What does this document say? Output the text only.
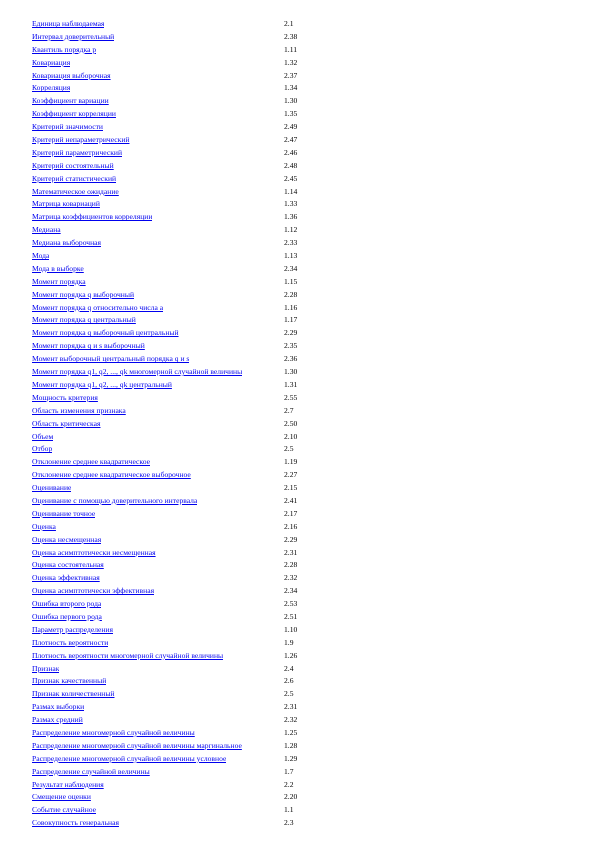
Единица наблюдаемая	2.1
Интервал доверительный	2.38
Квантиль порядка p	1.11
Ковариация	1.32
Ковариация выборочная	2.37
Корреляция	1.34
Коэффициент вариации	1.30
Коэффициент корреляции	1.35
Критерий значимости	2.49
Критерий непараметрический	2.47
Критерий параметрический	2.46
Критерий состоятельный	2.48
Критерий статистический	2.45
Математическое ожидание	1.14
Матрица ковариаций	1.33
Матрица коэффициентов корреляции	1.36
Медиана	1.12
Медиана выборочная	2.33
Мода	1.13
Мода в выборке	2.34
Момент порядка	1.15
Момент порядка q выборочный	2.28
Момент порядка q относительно числа a	1.16
Момент порядка q центральный	1.17
Момент порядка q выборочный центральный	2.29
Момент порядка q и s выборочный	2.35
Момент выборочный центральный порядка q и s	2.36
Момент порядка q1, q2, ..., qk многомерной случайной величины	1.30
Момент порядка q1, q2, ..., qk центральный	1.31
Мощность критерия	2.55
Область изменения признака	2.7
Область критическая	2.50
Объем	2.10
Отбор	2.5
Отклонение среднее квадратическое	1.19
Отклонение среднее квадратическое выборочное	2.27
Оценивание	2.15
Оценивание с помощью доверительного интервала	2.41
Оценивание точное	2.17
Оценка	2.16
Оценка несмещенная	2.29
Оценка асимптотически несмещенная	2.31
Оценка состоятельная	2.28
Оценка эффективная	2.32
Оценка асимптотически эффективная	2.34
Ошибка второго рода	2.53
Ошибка первого рода	2.51
Параметр распределения	1.10
Плотность вероятности	1.9
Плотность вероятности многомерной случайной величины	1.26
Признак	2.4
Признак качественный	2.6
Признак количественный	2.5
Размах выборки	2.31
Размах средний	2.32
Распределение многомерной случайной величины	1.25
Распределение многомерной случайной величины маргинальное	1.28
Распределение многомерной случайной величины условное	1.29
Распределение случайной величины	1.7
Результат наблюдения	2.2
Смещение оценки	2.20
Событие случайное	1.1
Совокупность генеральная	2.3
